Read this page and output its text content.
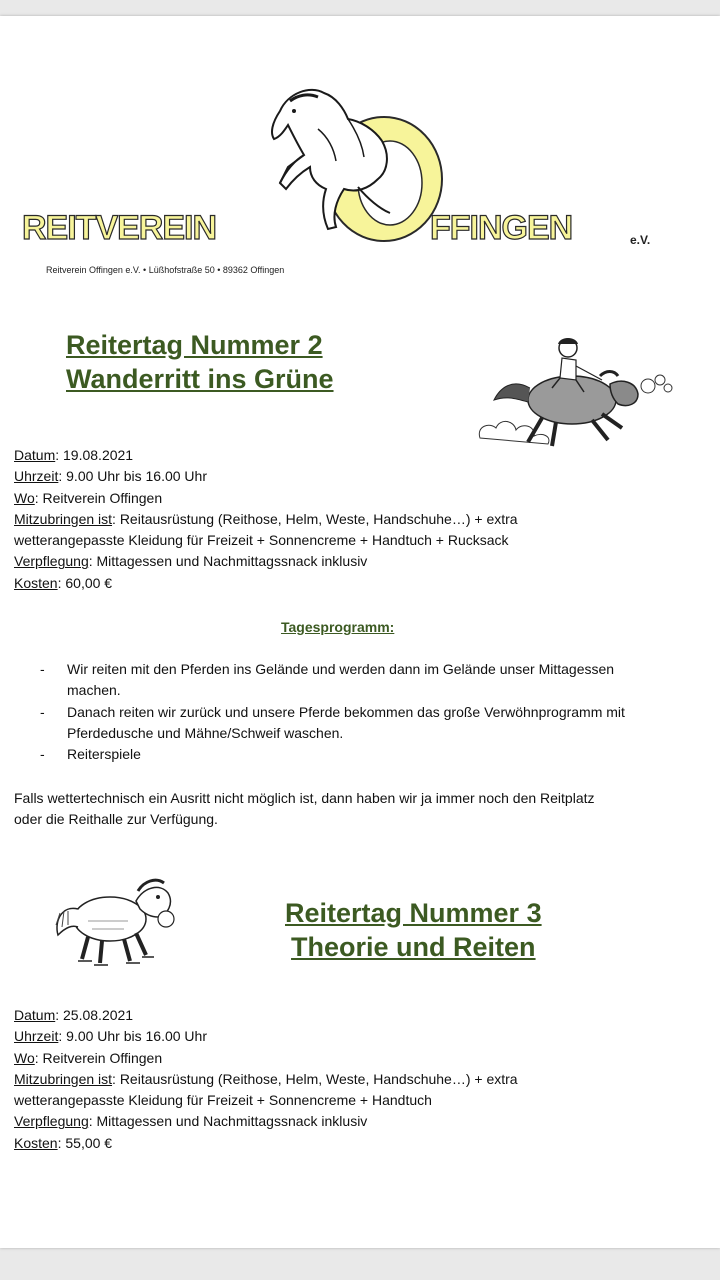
REITVEREIN	FFINGEN	e.V.
Reitverein Offingen e.V. • Lüßhofstraße 50 • 89362 Offingen
Reitertag Nummer 2
Wanderritt ins Grüne
Datum: 19.08.2021
Uhrzeit: 9.00 Uhr bis 16.00 Uhr
Wo: Reitverein Offingen
Mitzubringen ist: Reitausrüstung (Reithose, Helm, Weste, Handschuhe…) + extra
wetterangepasste Kleidung für Freizeit + Sonnencreme + Handtuch + Rucksack
Verpflegung: Mittagessen und Nachmittagssnack inklusiv
Kosten: 60,00 €
Tagesprogramm:
- Wir reiten mit den Pferden ins Gelände und werden dann im Gelände unser Mittagessen machen.
- Danach reiten wir zurück und unsere Pferde bekommen das große Verwöhnprogramm mit Pferdedusche und Mähne/Schweif waschen.
- Reiterspiele
Falls wettertechnisch ein Ausritt nicht möglich ist, dann haben wir ja immer noch den Reitplatz oder die Reithalle zur Verfügung.
Reitertag Nummer 3
Theorie und Reiten
Datum: 25.08.2021
Uhrzeit: 9.00 Uhr bis 16.00 Uhr
Wo: Reitverein Offingen
Mitzubringen ist: Reitausrüstung (Reithose, Helm, Weste, Handschuhe…) + extra
wetterangepasste Kleidung für Freizeit + Sonnencreme + Handtuch
Verpflegung: Mittagessen und Nachmittagssnack inklusiv
Kosten: 55,00 €
